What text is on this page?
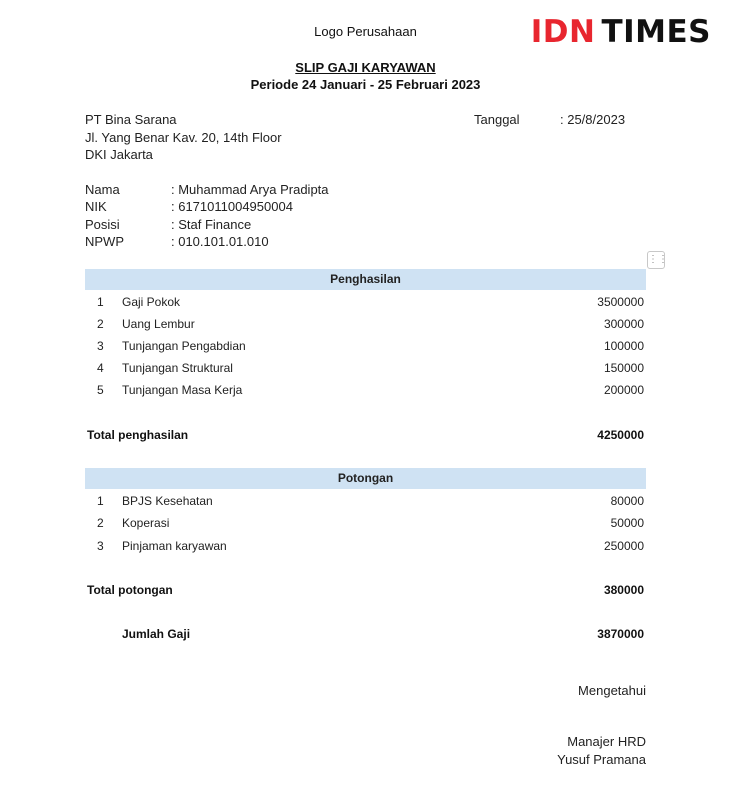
Logo Perusahaan	IDN TIMES
SLIP GAJI KARYAWAN
Periode 24 Januari - 25 Februari 2023
PT Bina Sarana
Jl. Yang Benar Kav. 20, 14th Floor
DKI Jakarta
Tanggal	: 25/8/2023
Nama	: Muhammad Arya Pradipta
NIK	: 6171011004950004
Posisi	: Staf Finance
NPWP	: 010.101.01.010
⋮⋮
Penghasilan
1 Gaji Pokok	3500000
2 Uang Lembur	300000
3 Tunjangan Pengabdian	100000
4 Tunjangan Struktural	150000
5 Tunjangan Masa Kerja	200000
Total penghasilan	4250000
Potongan
1 BPJS Kesehatan	80000
2 Koperasi	50000
3 Pinjaman karyawan	250000
Total potongan	380000
Jumlah Gaji	3870000
Mengetahui
Manajer HRD
Yusuf Pramana
